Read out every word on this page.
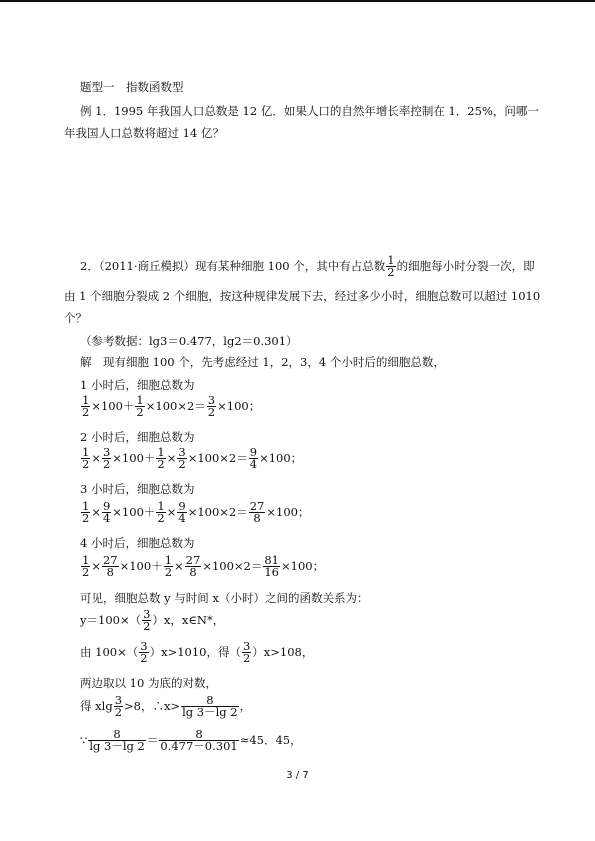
题型一　指数函数型
例 1．1995 年我国人口总数是 12 亿．如果人口的自然年增长率控制在 1．25%，问哪一
年我国人口总数将超过 14 亿？
2．（2011·商丘模拟）现有某种细胞 100 个，其中有占总数 $\frac{1}{2}$ 的细胞每小时分裂一次，即
由 1 个细胞分裂成 2 个细胞，按这种规律发展下去，经过多少小时，细胞总数可以超过 1010
个？
（参考数据：lg3＝0.477，lg2＝0.301）
解　现有细胞 100 个，先考虑经过 1，2，3，4 个小时后的细胞总数，
1 小时后，细胞总数为
$\frac{1}{2} \times 100+ \frac{1}{2} \times 100\times 2= \frac{3}{2} \times 100$；
2 小时后，细胞总数为
$\frac{1}{2} \times \frac{3}{2} \times 100+ \frac{1}{2} \times \frac{3}{2} \times 100\times 2= \frac{9}{4} \times 100$；
3 小时后，细胞总数为
$\frac{1}{2} \times \frac{9}{4} \times 100+ \frac{1}{2} \times \frac{9}{4} \times 100\times 2= \frac{27}{8} \times 100$；
4 小时后，细胞总数为
$\frac{1}{2} \times \frac{27}{8} \times 100+ \frac{1}{2} \times \frac{27}{8} \times 100\times 2= \frac{81}{16} \times 100$；
可见，细胞总数 y 与时间 x（小时）之间的函数关系为：
$y=100\times( \frac{3}{2} )x$，x∈N*，
由 $100\times( \frac{3}{2} )x>1010$，得（ $\frac{3}{2} )x>108$，
两边取以 10 为底的对数，
得 xlg $\frac{3}{2} >8$，∴x> $\frac{8}{\lg 3-\lg 2}$ ，
∵ $\frac{8}{\lg 3-\lg 2} = \frac{8}{0.477-0.301} \approx 45$．45，
3 / 7
